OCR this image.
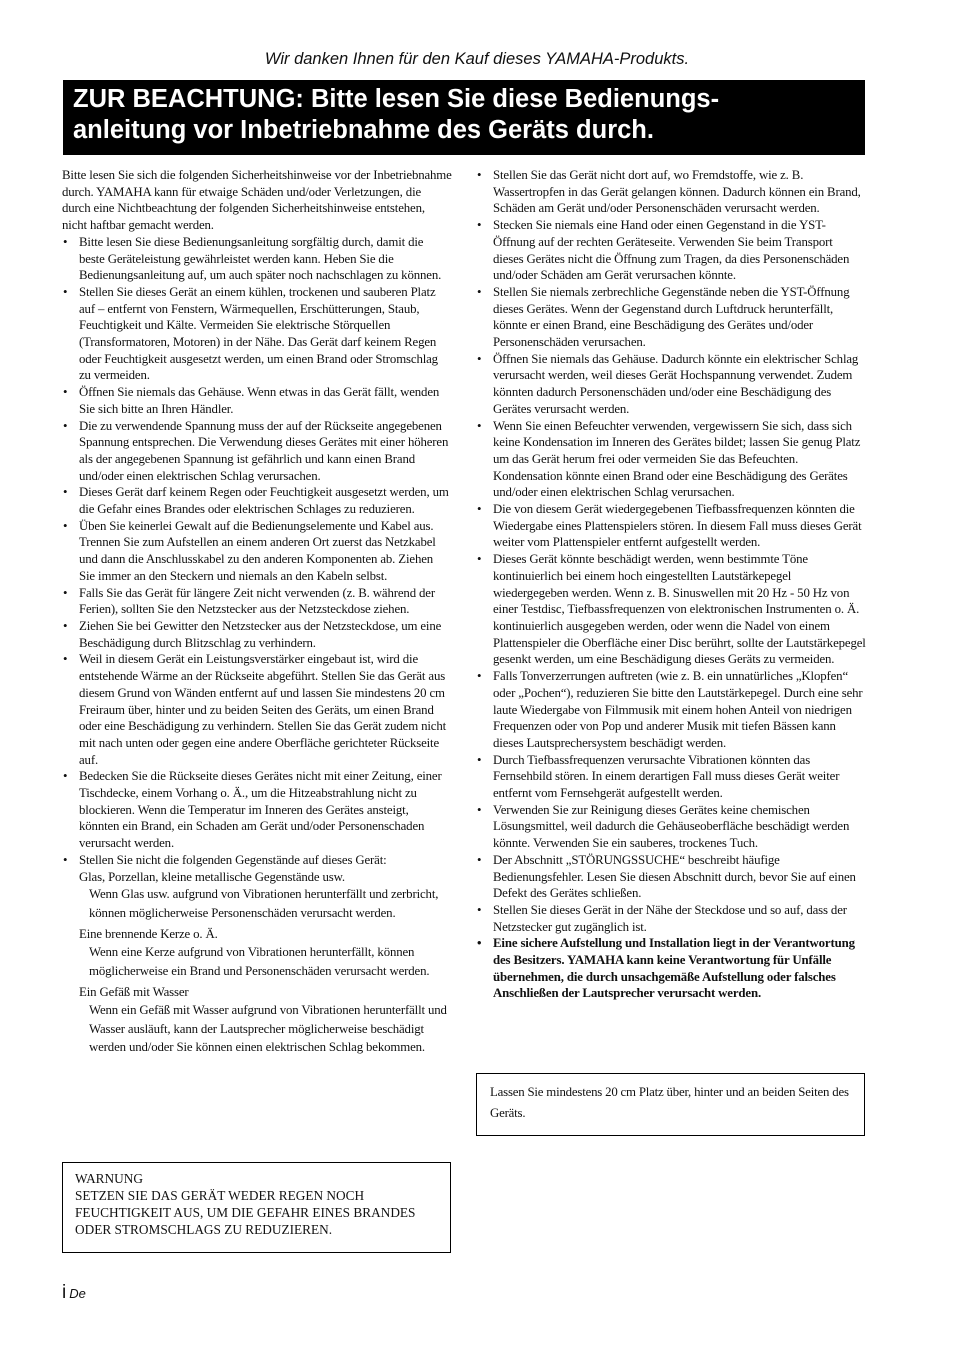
Wir danken Ihnen für den Kauf dieses YAMAHA-Produkts.
ZUR BEACHTUNG: Bitte lesen Sie diese Bedienungs-
anleitung vor Inbetriebnahme des Geräts durch.

Bitte lesen Sie sich die folgenden Sicherheitshinweise vor der Inbetriebnahme durch. YAMAHA kann für etwaige Schäden und/oder Verletzungen, die durch eine Nichtbeachtung der folgenden Sicherheitshinweise entstehen, nicht haftbar gemacht werden.

• Bitte lesen Sie diese Bedienungsanleitung sorgfältig durch, damit die beste Geräteleistung gewährleistet werden kann. Heben Sie die Bedienungsanleitung auf, um auch später noch nachschlagen zu können.
• Stellen Sie dieses Gerät an einem kühlen, trockenen und sauberen Platz auf – entfernt von Fenstern, Wärmequellen, Erschütterungen, Staub, Feuchtigkeit und Kälte. Vermeiden Sie elektrische Störquellen (Transformatoren, Motoren) in der Nähe. Das Gerät darf keinem Regen oder Feuchtigkeit ausgesetzt werden, um einen Brand oder Stromschlag zu vermeiden.
• Öffnen Sie niemals das Gehäuse. Wenn etwas in das Gerät fällt, wenden Sie sich bitte an Ihren Händler.
• Die zu verwendende Spannung muss der auf der Rückseite angegebenen Spannung entsprechen. Die Verwendung dieses Gerätes mit einer höheren als der angegebenen Spannung ist gefährlich und kann einen Brand und/oder einen elektrischen Schlag verursachen.
• Dieses Gerät darf keinem Regen oder Feuchtigkeit ausgesetzt werden, um die Gefahr eines Brandes oder elektrischen Schlages zu reduzieren.
• Üben Sie keinerlei Gewalt auf die Bedienungselemente und Kabel aus. Trennen Sie zum Aufstellen an einem anderen Ort zuerst das Netzkabel und dann die Anschlusskabel zu den anderen Komponenten ab. Ziehen Sie immer an den Steckern und niemals an den Kabeln selbst.
• Falls Sie das Gerät für längere Zeit nicht verwenden (z. B. während der Ferien), sollten Sie den Netzstecker aus der Netzsteckdose ziehen.
• Ziehen Sie bei Gewitter den Netzstecker aus der Netzsteckdose, um eine Beschädigung durch Blitzschlag zu verhindern.
• Weil in diesem Gerät ein Leistungsverstärker eingebaut ist, wird die entstehende Wärme an der Rückseite abgeführt. Stellen Sie das Gerät aus diesem Grund von Wänden entfernt auf und lassen Sie mindestens 20 cm Freiraum über, hinter und zu beiden Seiten des Geräts, um einen Brand oder eine Beschädigung zu verhindern. Stellen Sie das Gerät zudem nicht mit nach unten oder gegen eine andere Oberfläche gerichteter Rückseite auf.
• Bedecken Sie die Rückseite dieses Gerätes nicht mit einer Zeitung, einer Tischdecke, einem Vorhang o. Ä., um die Hitzeabstrahlung nicht zu blockieren. Wenn die Temperatur im Inneren des Gerätes ansteigt, könnten ein Brand, ein Schaden am Gerät und/oder Personenschaden verursacht werden.
• Stellen Sie nicht die folgenden Gegenstände auf dieses Gerät:

Glas, Porzellan, kleine metallische Gegenstände usw.

Wenn Glas usw. aufgrund von Vibrationen herunterfällt und zerbricht, können möglicherweise Personenschäden verursacht werden.

Eine brennende Kerze o. Ä.

Wenn eine Kerze aufgrund von Vibrationen herunterfällt, können möglicherweise ein Brand und Personenschäden verursacht werden.

Ein Gefäß mit Wasser

Wenn ein Gefäß mit Wasser aufgrund von Vibrationen herunterfällt und Wasser ausläuft, kann der Lautsprecher möglicherweise beschädigt werden und/oder Sie können einen elektrischen Schlag bekommen.
WARNUNG
SETZEN SIE DAS GERÄT WEDER REGEN NOCH FEUCHTIGKEIT AUS, UM DIE GEFAHR EINES BRANDES ODER STROMSCHLAGS ZU REDUZIEREN.
• Stellen Sie das Gerät nicht dort auf, wo Fremdstoffe, wie z. B. Wassertropfen in das Gerät gelangen können. Dadurch können ein Brand, Schäden am Gerät und/oder Personenschäden verursacht werden.
• Stecken Sie niemals eine Hand oder einen Gegenstand in die YST-Öffnung auf der rechten Geräteseite. Verwenden Sie beim Transport dieses Gerätes nicht die Öffnung zum Tragen, da dies Personenschäden und/oder Schäden am Gerät verursachen könnte.
• Stellen Sie niemals zerbrechliche Gegenstände neben die YST-Öffnung dieses Gerätes. Wenn der Gegenstand durch Luftdruck herunterfällt, könnte er einen Brand, eine Beschädigung des Gerätes und/oder Personenschäden verursachen.
• Öffnen Sie niemals das Gehäuse. Dadurch könnte ein elektrischer Schlag verursacht werden, weil dieses Gerät Hochspannung verwendet. Zudem könnten dadurch Personenschäden und/oder eine Beschädigung des Gerätes verursacht werden.
• Wenn Sie einen Befeuchter verwenden, vergewissern Sie sich, dass sich keine Kondensation im Inneren des Gerätes bildet; lassen Sie genug Platz um das Gerät herum frei oder vermeiden Sie das Befeuchten. Kondensation könnte einen Brand oder eine Beschädigung des Gerätes und/oder einen elektrischen Schlag verursachen.
• Die von diesem Gerät wiedergegebenen Tiefbassfrequenzen könnten die Wiedergabe eines Plattenspielers stören. In diesem Fall muss dieses Gerät weiter vom Plattenspieler entfernt aufgestellt werden.
• Dieses Gerät könnte beschädigt werden, wenn bestimmte Töne kontinuierlich bei einem hoch eingestellten Lautstärkepegel wiedergegeben werden. Wenn z. B. Sinuswellen mit 20 Hz - 50 Hz von einer Testdisc, Tiefbassfrequenzen von elektronischen Instrumenten o. Ä. kontinuierlich ausgegeben werden, oder wenn die Nadel von einem Plattenspieler die Oberfläche einer Disc berührt, sollte der Lautstärkepegel gesenkt werden, um eine Beschädigung dieses Geräts zu vermeiden.
• Falls Tonverzerrungen auftreten (wie z. B. ein unnatürliches „Klopfen“ oder „Pochen“), reduzieren Sie bitte den Lautstärkepegel. Durch eine sehr laute Wiedergabe von Filmmusik mit einem hohen Anteil von niedrigen Frequenzen oder von Pop und anderer Musik mit tiefen Bässen kann dieses Lautsprechersystem beschädigt werden.
• Durch Tiefbassfrequenzen verursachte Vibrationen könnten das Fernsehbild stören. In einem derartigen Fall muss dieses Gerät weiter entfernt vom Fernsehgerät aufgestellt werden.
• Verwenden Sie zur Reinigung dieses Gerätes keine chemischen Lösungsmittel, weil dadurch die Gehäuseoberfläche beschädigt werden könnte. Verwenden Sie ein sauberes, trockenes Tuch.
• Der Abschnitt „STÖRUNGSSUCHE“ beschreibt häufige Bedienungsfehler. Lesen Sie diesen Abschnitt durch, bevor Sie auf einen Defekt des Gerätes schließen.
• Stellen Sie dieses Gerät in der Nähe der Steckdose und so auf, dass der Netzstecker gut zugänglich ist.
• Eine sichere Aufstellung und Installation liegt in der Verantwortung des Besitzers. YAMAHA kann keine Verantwortung für Unfälle übernehmen, die durch unsachgemäße Aufstellung oder falsches Anschließen der Lautsprecher verursacht werden.
Lassen Sie mindestens 20 cm Platz über, hinter und an beiden Seiten des Geräts.
i De
